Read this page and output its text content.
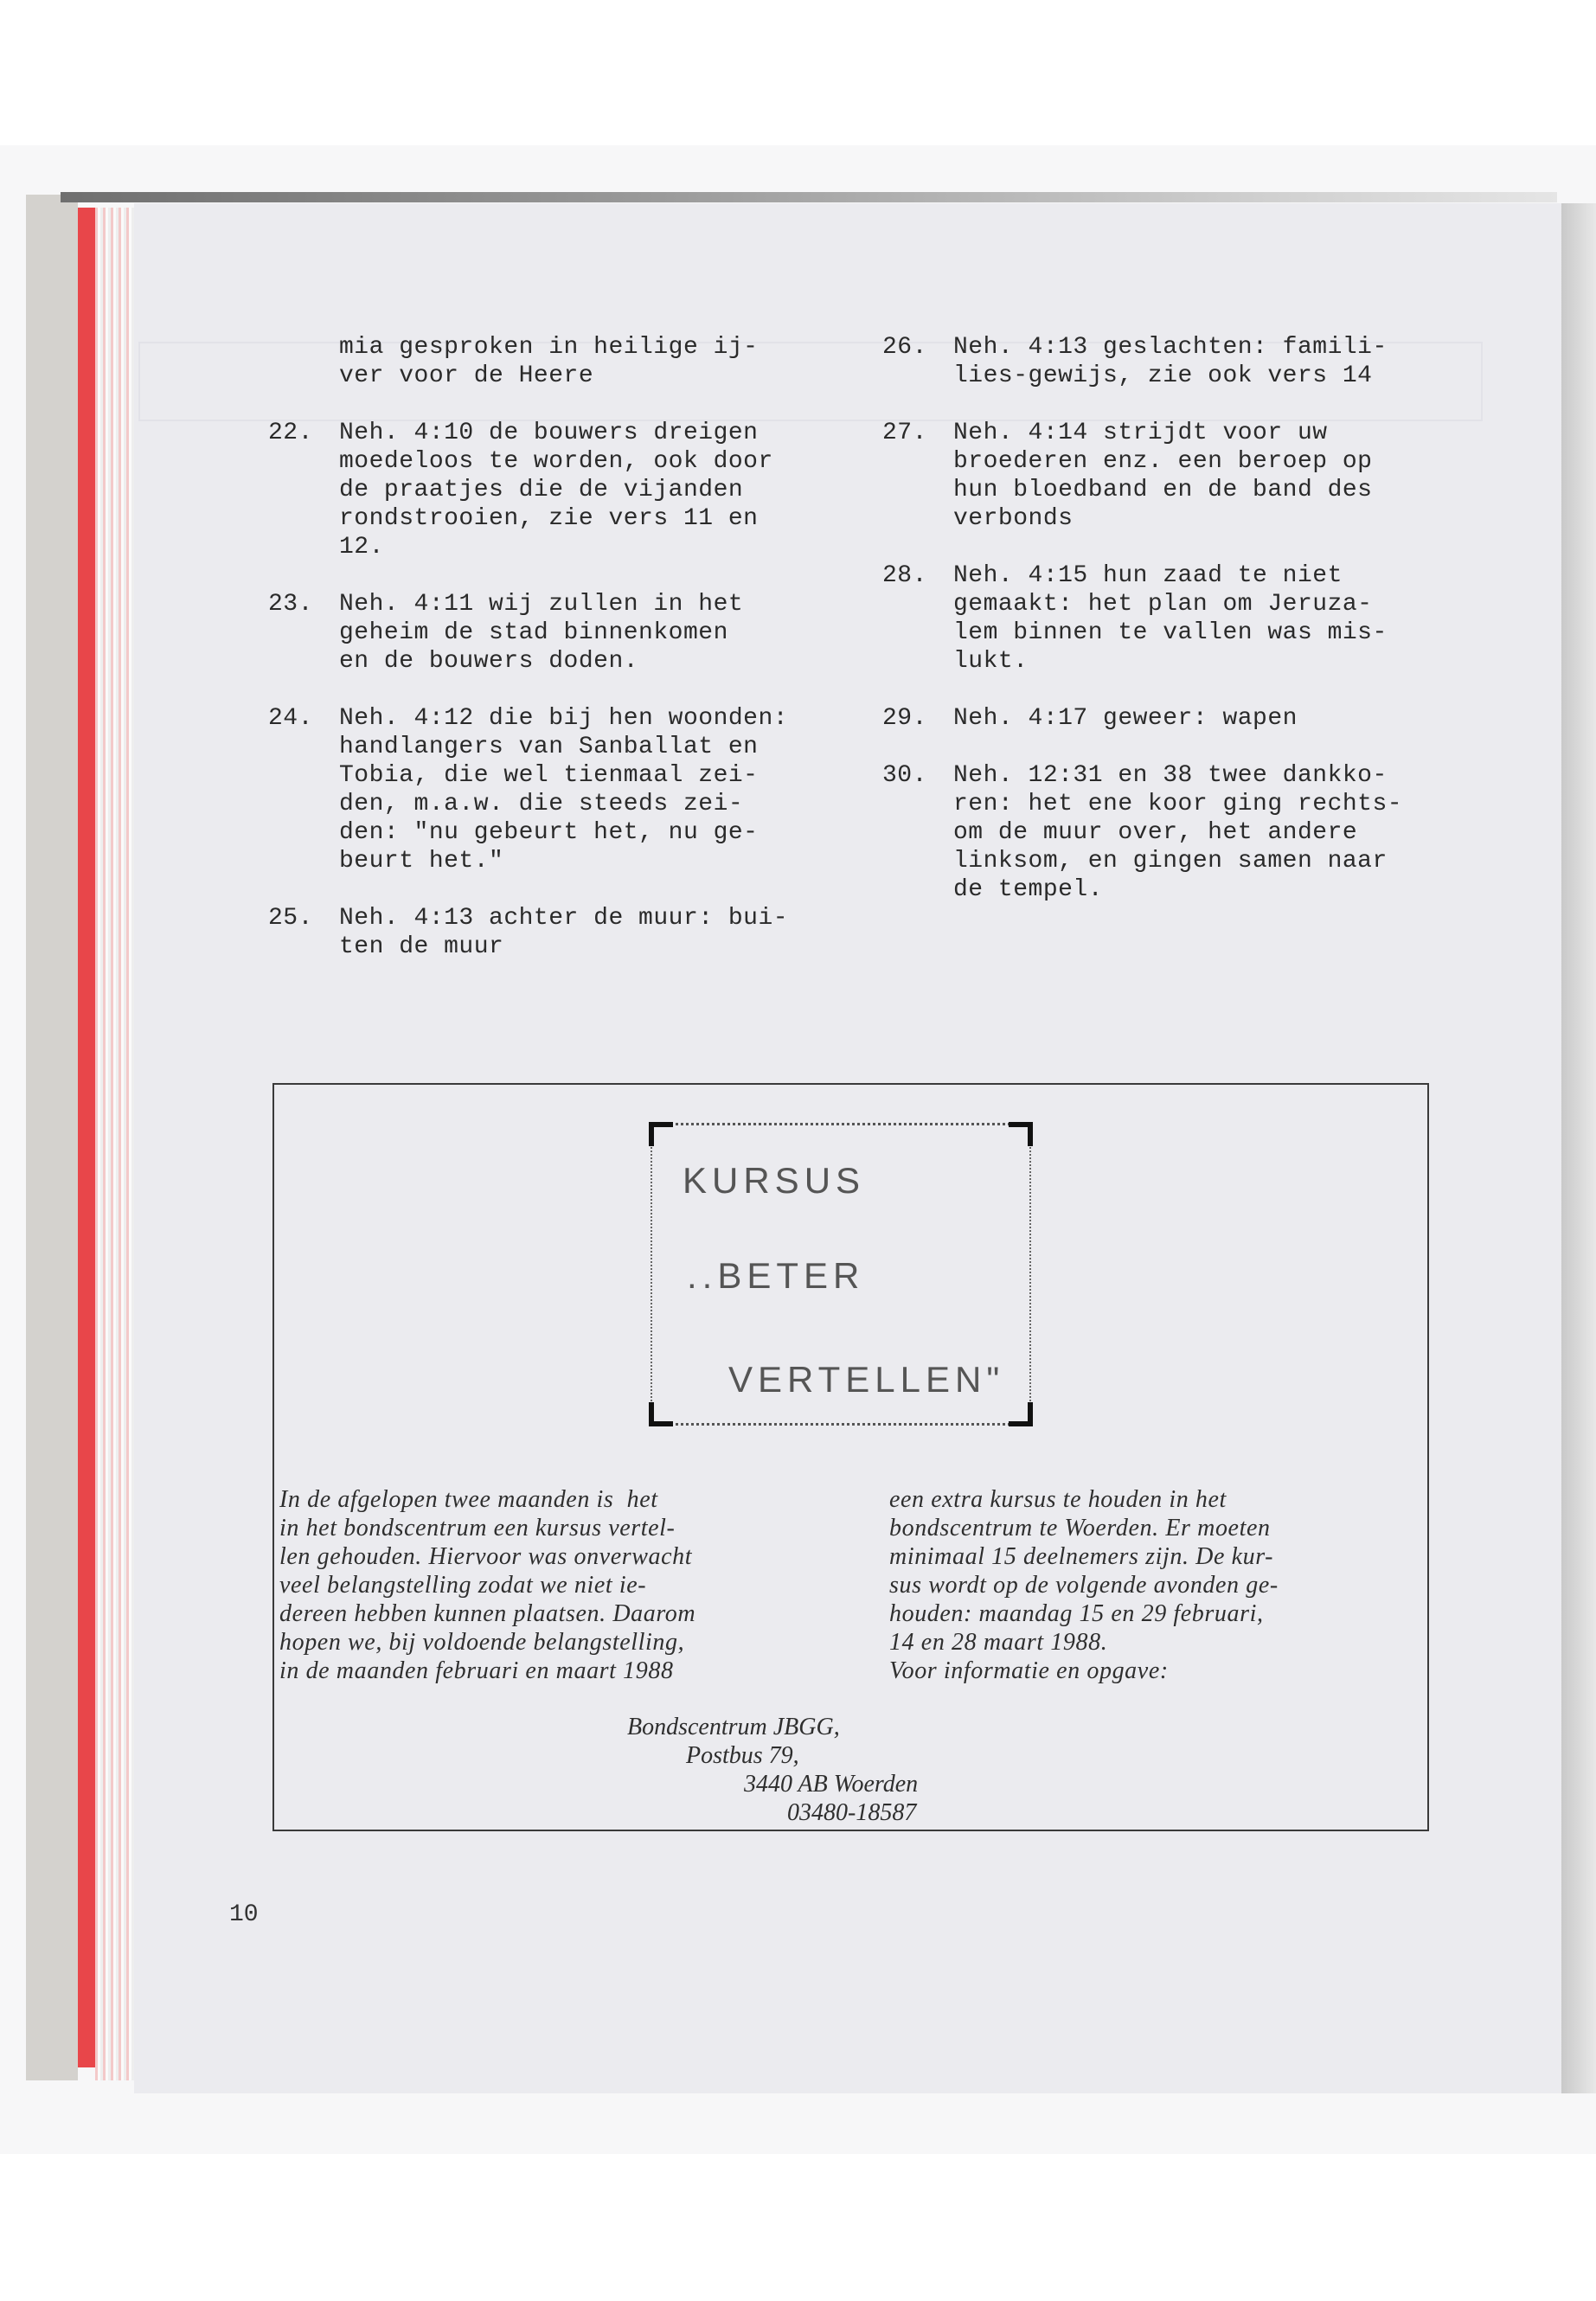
mia gesproken in heilige ij-
ver voor de Heere
22. Neh. 4:10 de bouwers dreigen
moedeloos te worden, ook door
de praatjes die de vijanden
rondstrooien, zie vers 11 en
12.
23. Neh. 4:11 wij zullen in het
geheim de stad binnenkomen
en de bouwers doden.
24. Neh. 4:12 die bij hen woonden:
handlangers van Sanballat en
Tobia, die wel tienmaal zei-
den, m.a.w. die steeds zei-
den: "nu gebeurt het, nu ge-
beurt het."
25. Neh. 4:13 achter de muur: bui-
ten de muur
26. Neh. 4:13 geslachten: famili-
lies-gewijs, zie ook vers 14
27. Neh. 4:14 strijdt voor uw
broederen enz. een beroep op
hun bloedband en de band des
verbonds
28. Neh. 4:15 hun zaad te niet
gemaakt: het plan om Jeruza-
lem binnen te vallen was mis-
lukt.
29. Neh. 4:17 geweer: wapen
30. Neh. 12:31 en 38 twee dankko-
ren: het ene koor ging rechts-
om de muur over, het andere
linksom, en gingen samen naar
de tempel.
KURSUS
..BETER
VERTELLEN"
In de afgelopen twee maanden is  het
in het bondscentrum een kursus vertel-
len gehouden. Hiervoor was onverwacht
veel belangstelling zodat we niet ie-
dereen hebben kunnen plaatsen. Daarom
hopen we, bij voldoende belangstelling,
in de maanden februari en maart 1988
een extra kursus te houden in het
bondscentrum te Woerden. Er moeten
minimaal 15 deelnemers zijn. De kur-
sus wordt op de volgende avonden ge-
houden: maandag 15 en 29 februari,
14 en 28 maart 1988.
Voor informatie en opgave:
Bondscentrum JBGG,
Postbus 79,
3440 AB Woerden
03480-18587
10
